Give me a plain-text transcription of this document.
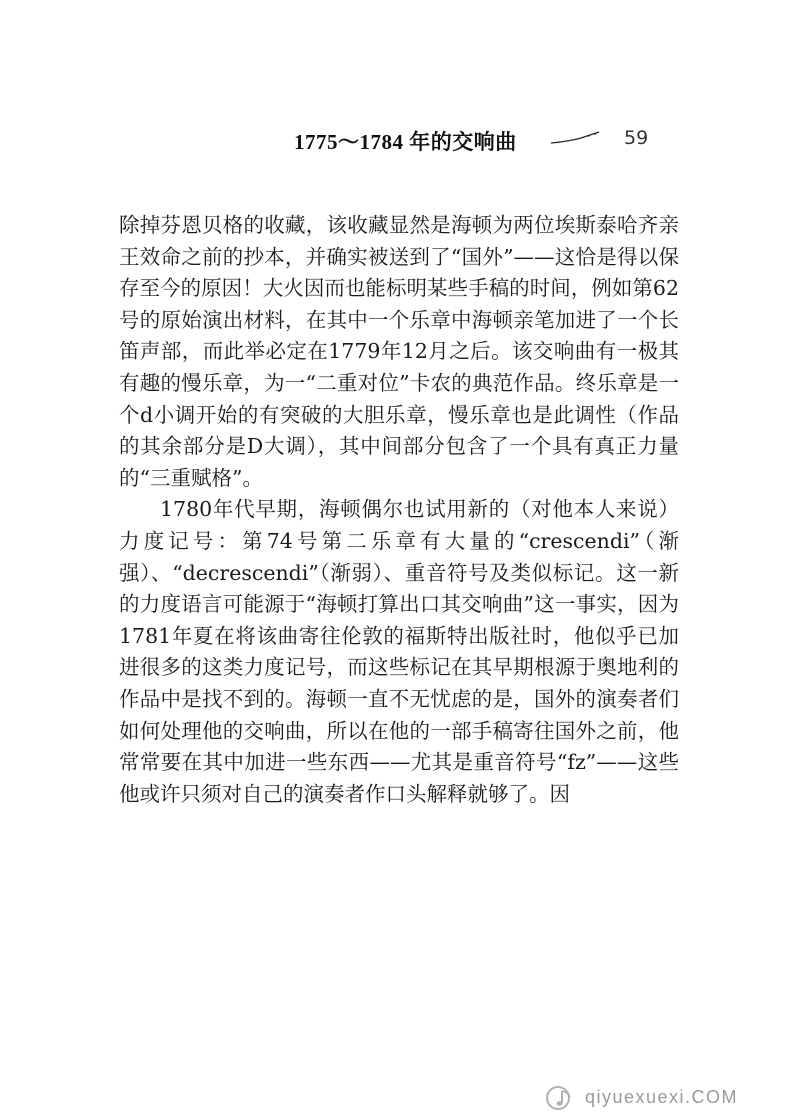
1775～1784 年的交响曲	59

除掉芬恩贝格的收藏，该收藏显然是海顿为两位埃斯泰哈齐亲王效命之前的抄本，并确实被送到了“国外”——这恰是得以保存至今的原因！大火因而也能标明某些手稿的时间，例如第62号的原始演出材料，在其中一个乐章中海顿亲笔加进了一个长笛声部，而此举必定在1779年12月之后。该交响曲有一极其有趣的慢乐章，为一“二重对位”卡农的典范作品。终乐章是一个d小调开始的有突破的大胆乐章，慢乐章也是此调性（作品的其余部分是D大调），其中间部分包含了一个具有真正力量的“三重赋格”。

1780年代早期，海顿偶尔也试用新的（对他本人来说）力度记号：第74号第二乐章有大量的“crescendi”（渐强）、“decrescendi”（渐弱）、重音符号及类似标记。这一新的力度语言可能源于“海顿打算出口其交响曲”这一事实，因为1781年夏在将该曲寄往伦敦的福斯特出版社时，他似乎已加进很多的这类力度记号，而这些标记在其早期根源于奥地利的作品中是找不到的。海顿一直不无忧虑的是，国外的演奏者们如何处理他的交响曲，所以在他的一部手稿寄往国外之前，他常常要在其中加进一些东西——尤其是重音符号“fz”——这些他或许只须对自己的演奏者作口头解释就够了。因

qiyuexuexi.COM
